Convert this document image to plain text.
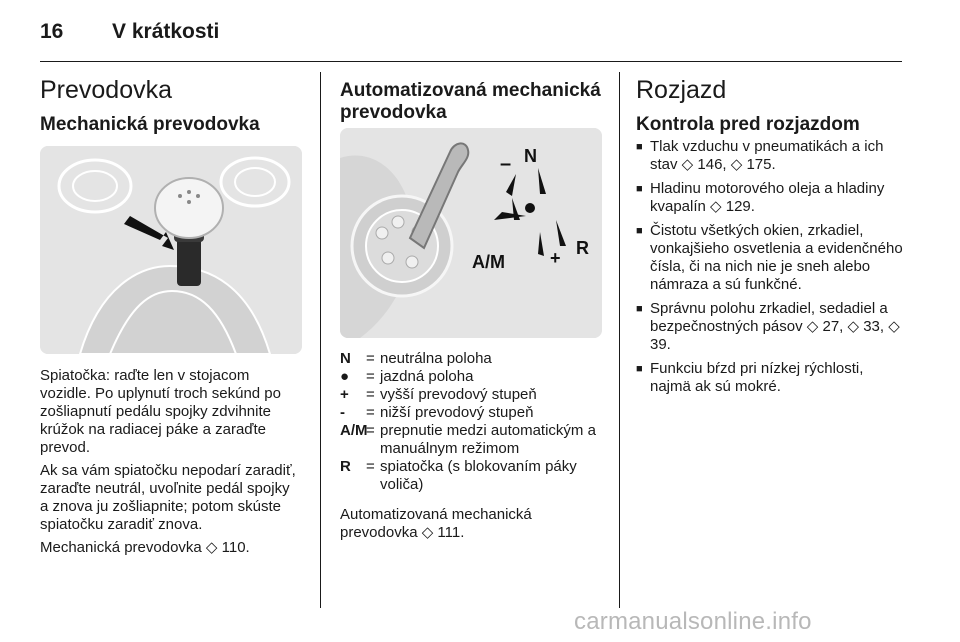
16 V krátkosti
Prevodovka
Mechanická prevodovka

Spiatočka: raďte len v stojacom vozidle. Po uplynutí troch sekúnd po zošliapnutí pedálu spojky zdvihnite krúžok na radiacej páke a zaraďte prevod.

Ak sa vám spiatočku nepodarí zaradiť, zaraďte neutrál, uvoľnite pedál spojky a znova ju zošliapnite; potom skúste spiatočku zaradiť znova.

Mechanická prevodovka ◇ 110.

Automatizovaná mechanická
prevodovka
N
–
A/M	+ R
N	= neutrálna poloha
●	= jazdná poloha
+	= vyšší prevodový stupeň
-	= nižší prevodový stupeň
A/M
= prepnutie medzi automatickým a manuálnym režimom
R	= spiatočka (s blokovaním páky voliča)
Automatizovaná mechanická prevodovka ◇ 111.
Rozjazd
Kontrola pred rozjazdom
■ Tlak vzduchu v pneumatikách a ich stav ◇ 146, ◇ 175.
■ Hladinu motorového oleja a hladiny kvapalín ◇ 129.
■ Čistotu všetkých okien, zrkadiel, vonkajšieho osvetlenia a evidenčného čísla, či na nich nie je sneh alebo námraza a sú funkčné.
■ Správnu polohu zrkadiel, sedadiel a bezpečnostných pásov ◇ 27, ◇ 33, ◇ 39.
■ Funkciu bŕzd pri nízkej rýchlosti, najmä ak sú mokré.
carmanualsonline.info
